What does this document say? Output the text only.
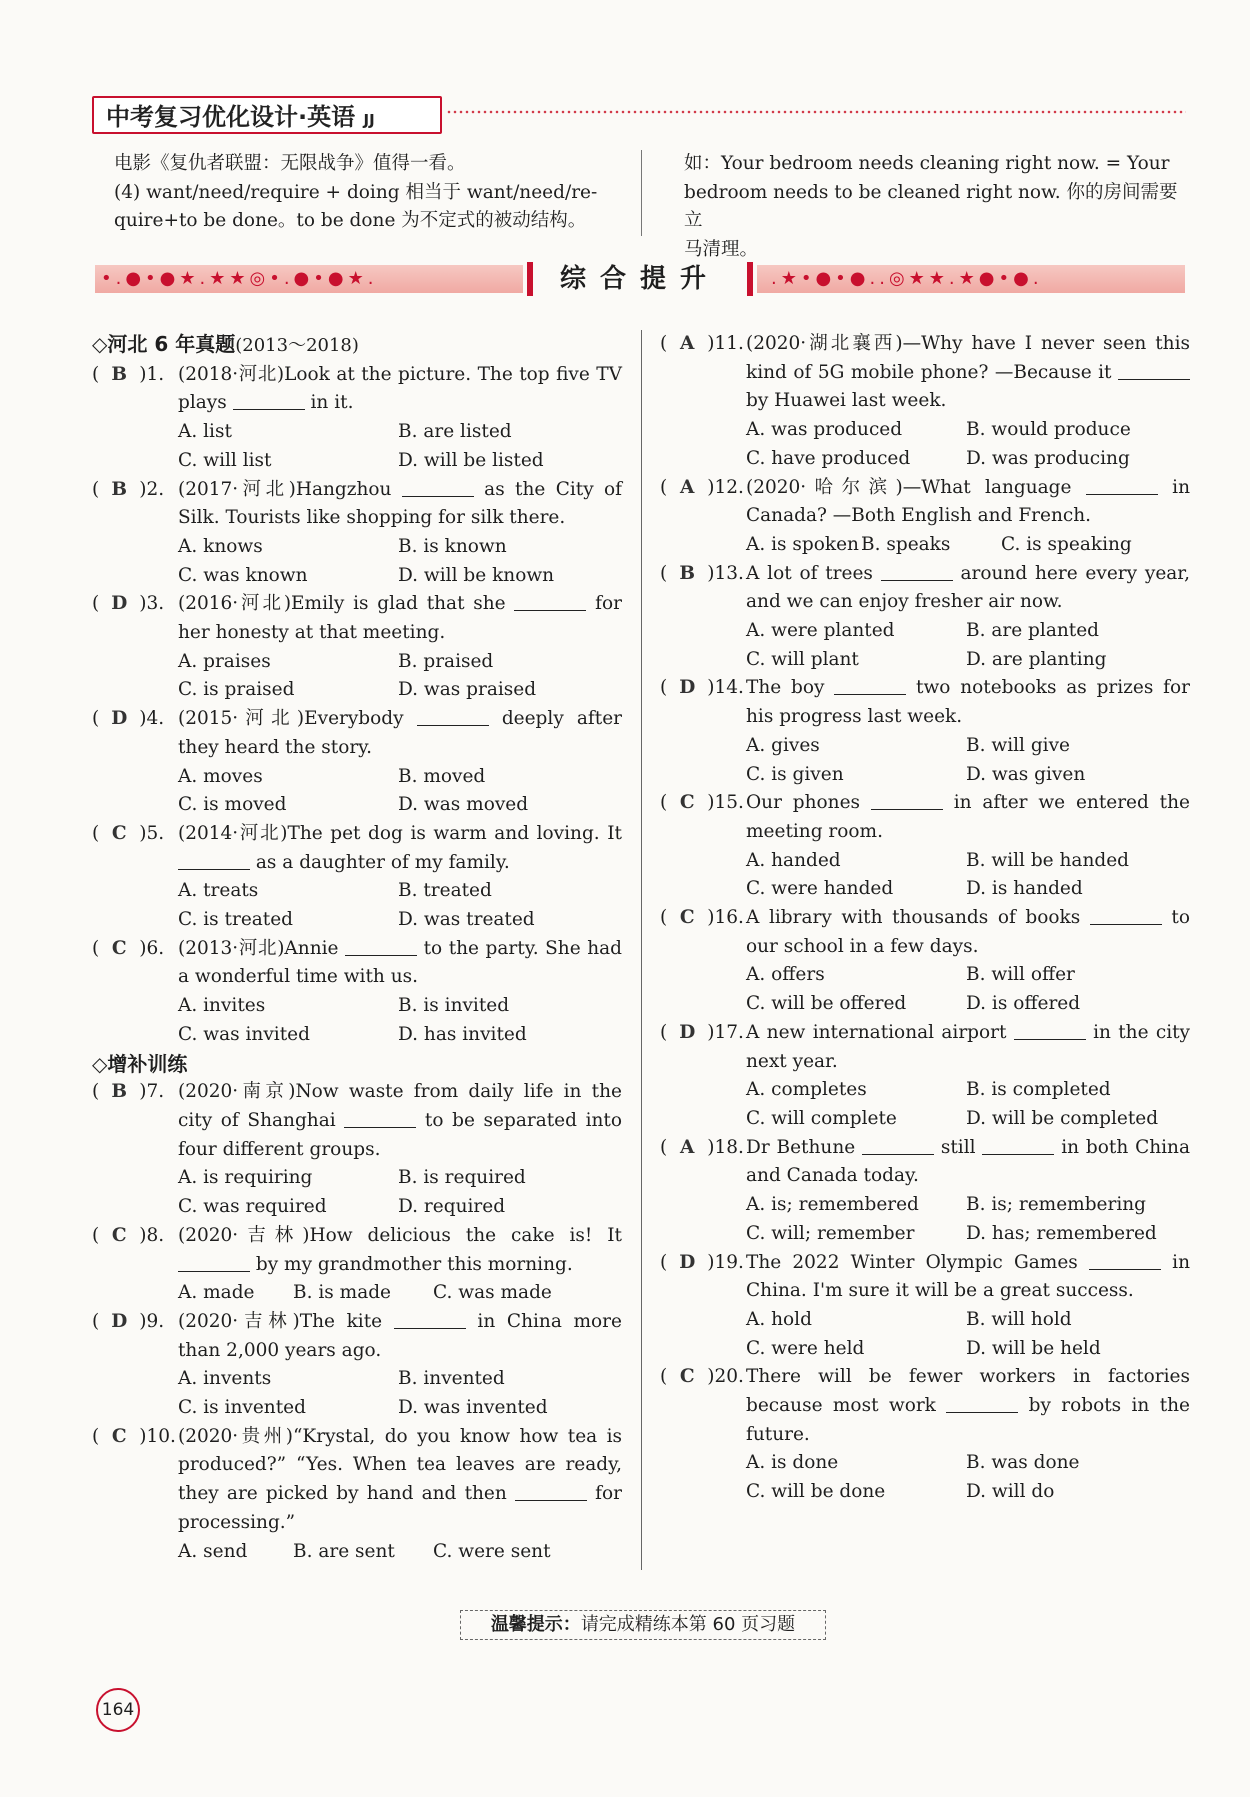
中考复习优化设计·英语 JJ
电影《复仇者联盟：无限战争》值得一看。
(4) want/need/require + doing 相当于 want/need/re-
quire+to be done。to be done 为不定式的被动结构。
如：Your bedroom needs cleaning right now. = Your
bedroom needs to be cleaned right now. 你的房间需要立
马清理。
•.●•●★.★★◎•.●•●★.	综合提升	.★•●•●..◎★★.★●•●.
◇河北 6 年真题(2013～2018)
( B )1. (2018·河北)Look at the picture. The top five TV plays	in it.
A. list	B. are listed
C. will list	D. will be listed
( B )2. (2017·河北)Hangzhou	as the City of Silk. Tourists like shopping for silk there.
A. knows	B. is known
C. was known	D. will be known
( D )3. (2016·河北)Emily is glad that she	for her honesty at that meeting.
A. praises	B. praised
C. is praised	D. was praised
( D )4. (2015·河北)Everybody	deeply after they heard the story.
A. moves	B. moved
C. is moved	D. was moved
( C )5. (2014·河北)The pet dog is warm and loving. It  as a daughter of my family.
A. treats	B. treated
C. is treated	D. was treated
( C )6. (2013·河北)Annie	to the party. She had a wonderful time with us.
A. invites	B. is invited
C. was invited	D. has invited
◇增补训练
( B )7. (2020·南京)Now waste from daily life in the city of Shanghai	to be separated into four different groups.
A. is requiring	B. is required
C. was required	D. required
( C )8. (2020·吉林)How delicious the cake is! It  by my grandmother this morning.
A. made	B. is made	C. was made
( D )9. (2020·吉林)The kite	in China more than 2,000 years ago.
A. invents	B. invented
C. is invented	D. was invented
( C )10. (2020·贵州)“Krystal, do you know how tea is produced?” “Yes. When tea leaves are ready, they are picked by hand and then	for processing.”
A. send	B. are sent	C. were sent
( A )11. (2020·湖北襄西)—Why have I never seen this kind of 5G mobile phone? —Because it  by Huawei last week.
A. was produced	B. would produce
C. have produced	D. was producing
( A )12. (2020·哈尔滨)—What language	in Canada? —Both English and French.
A. is spoken B. speaks	C. is speaking
( B )13. A lot of trees	around here every year, and we can enjoy fresher air now.
A. were planted	B. are planted
C. will plant	D. are planting
( D )14. The boy	two notebooks as prizes for his progress last week.
A. gives	B. will give
C. is given	D. was given
( C )15. Our phones	in after we entered the meeting room.
A. handed	B. will be handed
C. were handed	D. is handed
( C )16. A library with thousands of books	to our school in a few days.
A. offers	B. will offer
C. will be offered	D. is offered
( D )17. A new international airport	in the city next year.
A. completes	B. is completed
C. will complete	D. will be completed
( A )18. Dr Bethune	still	in both China and Canada today.
A. is; remembered	B. is; remembering
C. will; remember	D. has; remembered
( D )19. The 2022 Winter Olympic Games	in China. I'm sure it will be a great success.
A. hold	B. will hold
C. were held	D. will be held
( C )20. There will be fewer workers in factories because most work	by robots in the future.
A. is done	B. was done
C. will be done	D. will do
温馨提示：请完成精练本第 60 页习题
164
